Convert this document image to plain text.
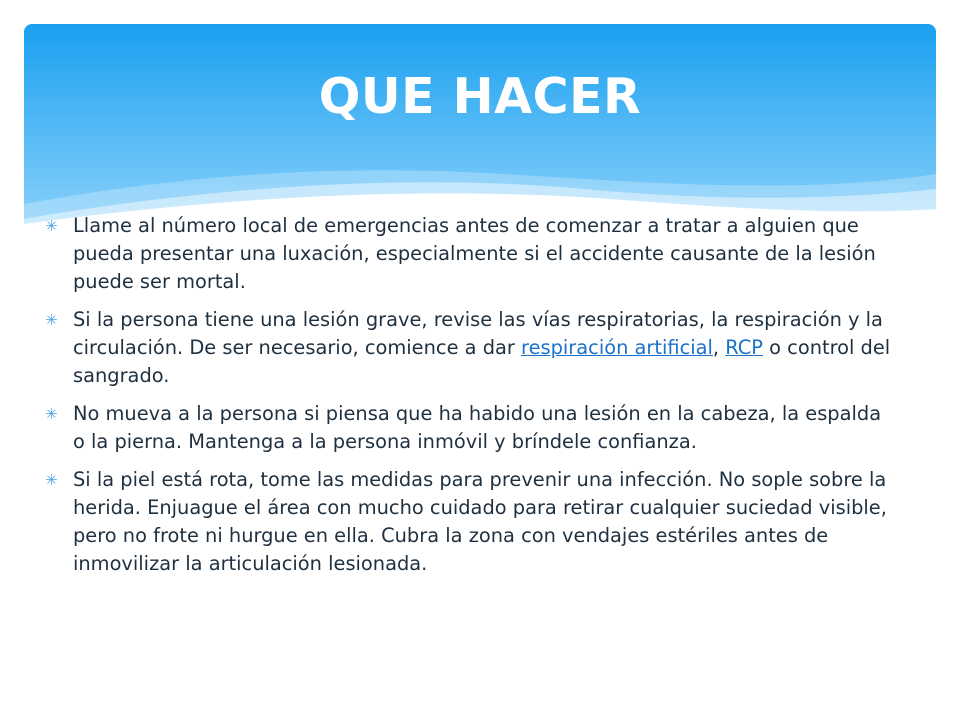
QUE HACER
✳ Llame al número local de emergencias antes de comenzar a tratar a alguien que pueda presentar una luxación, especialmente si el accidente causante de la lesión puede ser mortal.
✳ Si la persona tiene una lesión grave, revise las vías respiratorias, la respiración y la circulación. De ser necesario, comience a dar respiración artificial, RCP o control del sangrado.
✳ No mueva a la persona si piensa que ha habido una lesión en la cabeza, la espalda o la pierna. Mantenga a la persona inmóvil y bríndele confianza.
✳ Si la piel está rota, tome las medidas para prevenir una infección. No sople sobre la herida. Enjuague el área con mucho cuidado para retirar cualquier suciedad visible, pero no frote ni hurgue en ella. Cubra la zona con vendajes estériles antes de inmovilizar la articulación lesionada.
